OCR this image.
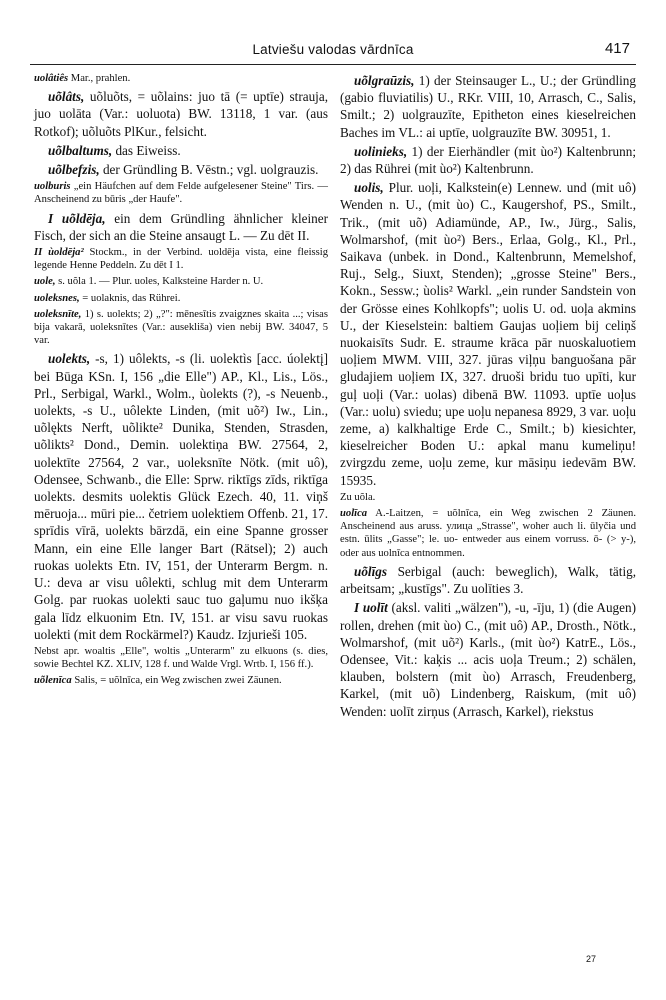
Latviešu valodas vārdnīca	417

uolâtiês Mar., prahlen.

uõlâts, uõluõts, = uõlains: juo tā (= uptīe) strauja, juo uolāta (Var.: uoluota) BW. 13118, 1 var. (aus Rotkof); uõluõts PlKur., felsicht.

uõlbaltums, das Eiweiss.

uõlbefzis, der Gründling B. Vēstn.; vgl. uolgrauzis.

uolburis „ein Häufchen auf dem Felde aufgelesener Steine" Tirs. — Anscheinend zu būris „der Haufe".

I uõldēja, ein dem Gründling ähnlicher kleiner Fisch, der sich an die Steine ansaugt L. — Zu dēt II.

II ùoldēja² Stockm., in der Verbind. uoldēja vista, eine fleissig legende Henne Peddeln. Zu dēt I 1.

uole, s. uõla 1. — Plur. uoles, Kalksteine Harder n. U.

uoleksnes, = uolaknis, das Rührei.

uoleksnīte, 1) s. uolekts; 2) „?": mēnesītis zvaigznes skaita ...; visas bija vakarā, uoleksnītes (Var.: ausekliša) vien nebij BW. 34047, 5 var.

uolekts, -s, 1) uôlekts, -s (li. uolektìs [acc. úolektį] bei Būga KSn. I, 156 „die Elle") AP., Kl., Lis., Lös., Prl., Serbigal, Warkl., Wolm., ùolekts (?), -s Neuenb., uolekts, -s U., uôlekte Linden, (mit uõ²) Iw., Lin., uõlękts Nerft, uõlikte² Dunika, Stenden, Strasden, uõlikts² Dond., Demin. uolektiņa BW. 27564, 2, uolektīte 27564, 2 var., uoleksnīte Nötk. (mit uô), Odensee, Schwanb., die Elle: Sprw. riktīgs zīds, riktīga uolekts. desmits uolektis Glück Ezech. 40, 11. viņš mēruoja... mūri pie... četriem uolektiem Offenb. 21, 17. sprīdis vīrā, uolekts bārzdā, ein eine Spanne grosser Mann, ein eine Elle langer Bart (Rätsel); 2) auch ruokas uolekts Etn. IV, 151, der Unterarm Bergm. n. U.: deva ar visu uôlekti, schlug mit dem Unterarm Golg. par ruokas uolekti sauc tuo gaļumu nuo ikšķa gala līdz elkuonim Etn. IV, 151. ar visu savu ruokas uolekti (mit dem Rockärmel?) Kaudz. Izjurieši 105.

Nebst apr. woaltis „Elle", woltis „Unterarm" zu elkuons (s. dies, sowie Bechtel KZ. XLIV, 128 f. und Walde Vrgl. Wrtb. I, 156 ff.).

uõlenīca Salis, = uõlnīca, ein Weg zwischen zwei Zäunen.

uõlgraūzis, 1) der Steinsauger L., U.; der Gründling (gabio fluviatilis) U., RKr. VIII, 10, Arrasch, C., Salis, Smilt.; 2) uolgrauzīte, Epitheton eines kieselreichen Baches im VL.: ai uptīe, uolgrauzīte BW. 30951, 1.

uolinieks, 1) der Eierhändler (mit ùo²) Kaltenbrunn; 2) das Rührei (mit ùo²) Kaltenbrunn.

uolis, Plur. uoļi, Kalkstein(e) Lennew. und (mit uô) Wenden n. U., (mit ùo) C., Kaugershof, PS., Smilt., Trik., (mit uõ) Adiamünde, AP., Iw., Jürg., Salis, Wolmarshof, (mit ùo²) Bers., Erlaa, Golg., Kl., Prl., Saikava (unbek. in Dond., Kaltenbrunn, Memelshof, Ruj., Selg., Siuxt, Stenden); „grosse Steine" Bers., Kokn., Sessw.; ùolis² Warkl. „ein runder Sandstein von der Grösse eines Kohlkopfs"; uolis U. od. uoļa akmins U., der Kieselstein: baltiem Gaujas uoļiem bij celiņš nuokaisīts Sudr. E. straume krāca pār nuoskaluotiem uoļiem MWM. VIII, 327. jūras viļņu banguošana pār gludajiem uoļiem IX, 327. druoši bridu tuo upīti, kur guļ uoļi (Var.: uolas) dibenā BW. 11093. uptīe uoļus (Var.: uolu) sviedu; upe uoļu nepanesa 8929, 3 var. uoļu zeme, a) kalkhaltige Erde C., Smilt.; b) kiesichter, kieselreicher Boden U.: apkal manu kumeliņu! zvirgzdu zeme, uoļu zeme, kur māsiņu iedevām BW. 15935.

Zu uõla.

uolīca A.-Laitzen, = uõlnīca, ein Weg zwischen 2 Zäunen. Anscheinend aus aruss. улица „Strasse", woher auch li. ūlyčia und estn. ūlits „Gasse"; le. uo- entweder aus einem vorruss. ō- (> y-), oder aus uolnīca entnommen.

uõlīgs Serbigal (auch: beweglich), Walk, tätig, arbeitsam; „kustīgs". Zu uolīties 3.

I uolīt (aksl. valiti „wälzen"), -u, -īju, 1) (die Augen) rollen, drehen (mit ùo) C., (mit uô) AP., Drosth., Nötk., Wolmarshof, (mit uõ²) Karls., (mit ùo²) KatrE., Lös., Odensee, Vit.: kaķis ... acis uoļa Treum.; 2) schälen, klauben, bolstern (mit ùo) Arrasch, Freudenberg, Karkel, (mit uõ) Lindenberg, Raiskum, (mit uô) Wenden: uolīt zirņus (Arrasch, Karkel), riekstus

27
